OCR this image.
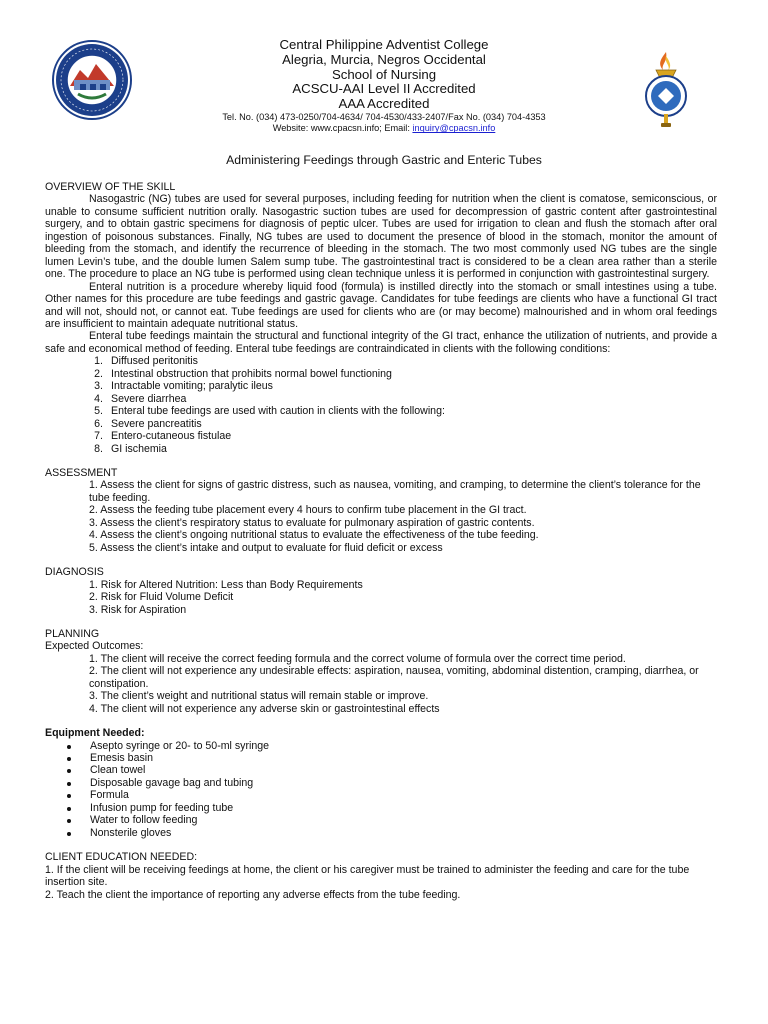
Central Philippine Adventist College
Alegria, Murcia, Negros Occidental
School of Nursing
ACSCU-AAI Level II Accredited
AAA Accredited
Tel. No. (034) 473-0250/704-4634/ 704-4530/433-2407/Fax No. (034) 704-4353
Website: www.cpacsn.info; Email: inquiry@cpacsn.info
Administering Feedings through Gastric and Enteric Tubes
OVERVIEW OF THE SKILL

Nasogastric (NG) tubes are used for several purposes, including feeding for nutrition when the client is comatose, semiconscious, or unable to consume sufficient nutrition orally. Nasogastric suction tubes are used for decompression of gastric content after gastrointestinal surgery, and to obtain gastric specimens for diagnosis of peptic ulcer. Tubes are used for irrigation to clean and flush the stomach after oral ingestion of poisonous substances. Finally, NG tubes are used to document the presence of blood in the stomach, monitor the amount of bleeding from the stomach, and identify the recurrence of bleeding in the stomach. The two most commonly used NG tubes are the single lumen Levin’s tube, and the double lumen Salem sump tube. The gastrointestinal tract is considered to be a clean area rather than a sterile one. The procedure to place an NG tube is performed using clean technique unless it is performed in conjunction with gastrointestinal surgery.

Enteral nutrition is a procedure whereby liquid food (formula) is instilled directly into the stomach or small intestines using a tube. Other names for this procedure are tube feedings and gastric gavage. Candidates for tube feedings are clients who have a functional GI tract and will not, should not, or cannot eat. Tube feedings are used for clients who are (or may become) malnourished and in whom oral feedings are insufficient to maintain adequate nutritional status.

Enteral tube feedings maintain the structural and functional integrity of the GI tract, enhance the utilization of nutrients, and provide a safe and economical method of feeding. Enteral tube feedings are contraindicated in clients with the following conditions:

1. Diffused peritonitis
2. Intestinal obstruction that prohibits normal bowel functioning
3. Intractable vomiting; paralytic ileus
4. Severe diarrhea
5. Enteral tube feedings are used with caution in clients with the following:
6. Severe pancreatitis
7. Entero-cutaneous fistulae
8. GI ischemia
ASSESSMENT
1. Assess the client for signs of gastric distress, such as nausea, vomiting, and cramping, to determine the client’s tolerance for the tube feeding.
2. Assess the feeding tube placement every 4 hours to confirm tube placement in the GI tract.
3. Assess the client’s respiratory status to evaluate for pulmonary aspiration of gastric contents.
4. Assess the client’s ongoing nutritional status to evaluate the effectiveness of the tube feeding.
5. Assess the client’s intake and output to evaluate for fluid deficit or excess
DIAGNOSIS
1. Risk for Altered Nutrition: Less than Body Requirements
2. Risk for Fluid Volume Deficit
3. Risk for Aspiration
PLANNING
Expected Outcomes:
1. The client will receive the correct feeding formula and the correct volume of formula over the correct time period.
2. The client will not experience any undesirable effects: aspiration, nausea, vomiting, abdominal distention, cramping, diarrhea, or constipation.
3. The client’s weight and nutritional status will remain stable or improve.
4. The client will not experience any adverse skin or gastrointestinal effects
Equipment Needed:
Asepto syringe or 20- to 50-ml syringe
Emesis basin
Clean towel
Disposable gavage bag and tubing
Formula
Infusion pump for feeding tube
Water to follow feeding
Nonsterile gloves
CLIENT EDUCATION NEEDED:
1. If the client will be receiving feedings at home, the client or his caregiver must be trained to administer the feeding and care for the tube insertion site.
2. Teach the client the importance of reporting any adverse effects from the tube feeding.
